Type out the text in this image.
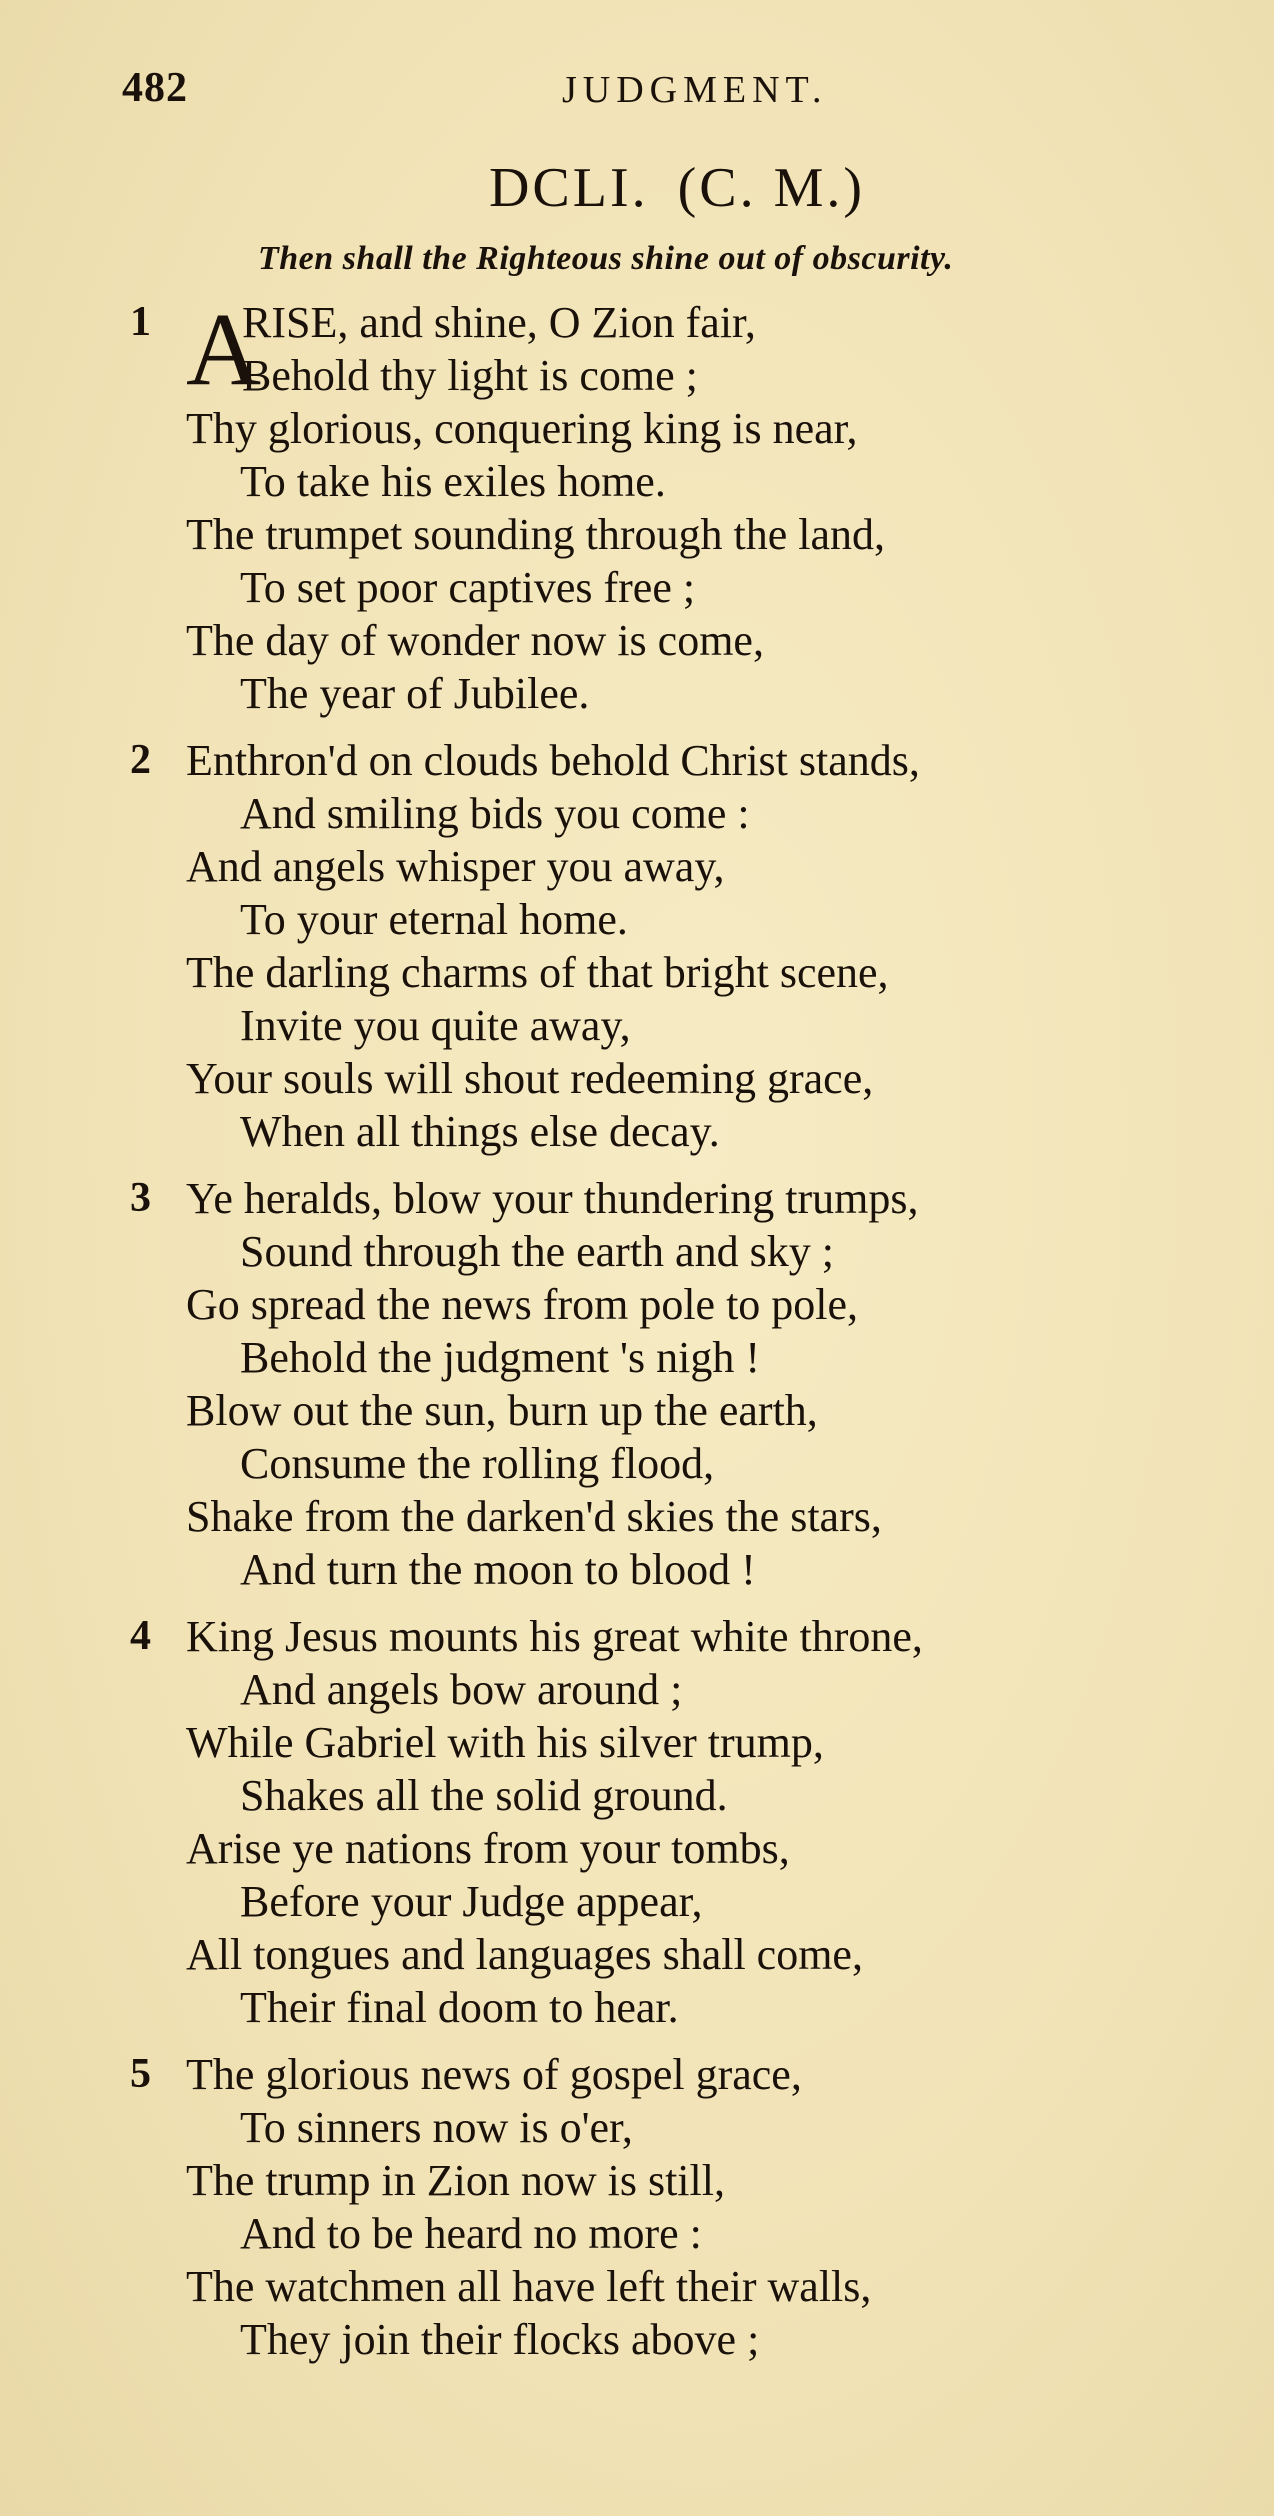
482	JUDGMENT.
DCLI. (C. M.)
Then shall the Righteous shine out of obscurity.
1 A
RISE, and shine, O Zion fair,
Behold thy light is come ;
Thy glorious, conquering king is near,
To take his exiles home.
The trumpet sounding through the land,
To set poor captives free ;
The day of wonder now is come,
The year of Jubilee.
2 Enthron'd on clouds behold Christ stands,
And smiling bids you come :
And angels whisper you away,
To your eternal home.
The darling charms of that bright scene,
Invite you quite away,
Your souls will shout redeeming grace,
When all things else decay.
3 Ye heralds, blow your thundering trumps,
Sound through the earth and sky ;
Go spread the news from pole to pole,
Behold the judgment 's nigh !
Blow out the sun, burn up the earth,
Consume the rolling flood,
Shake from the darken'd skies the stars,
And turn the moon to blood !
4 King Jesus mounts his great white throne,
And angels bow around ;
While Gabriel with his silver trump,
Shakes all the solid ground.
Arise ye nations from your tombs,
Before your Judge appear,
All tongues and languages shall come,
Their final doom to hear.
5 The glorious news of gospel grace,
To sinners now is o'er,
The trump in Zion now is still,
And to be heard no more :
The watchmen all have left their walls,
They join their flocks above ;
